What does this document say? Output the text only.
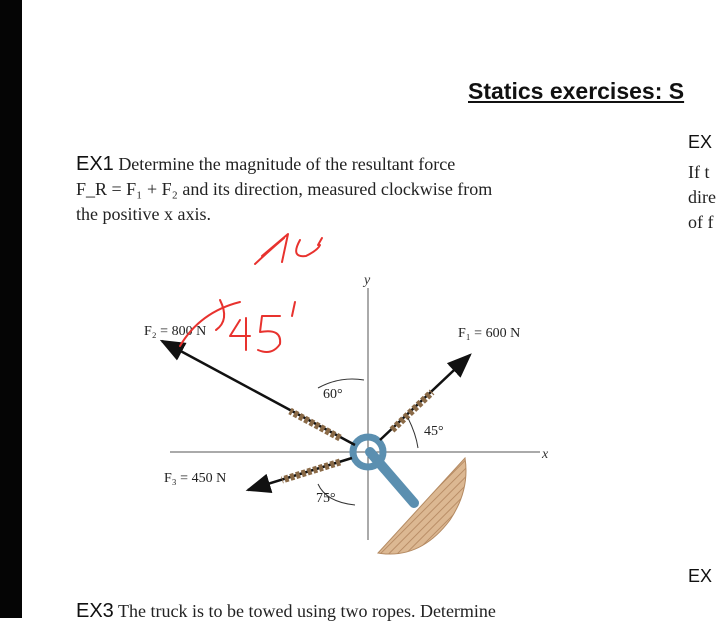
Statics exercises: S
EX1 Determine the magnitude of the resultant force
F_R = F₁ + F₂ and its direction, measured clockwise from
the positive x axis.
EX
If t
dire
of f
EX
EX3 The truck is to be towed using two ropes. Determine
y
x
F₁ = 600 N
F₂ = 800 N
F₃ = 450 N
60°
45°
75°
